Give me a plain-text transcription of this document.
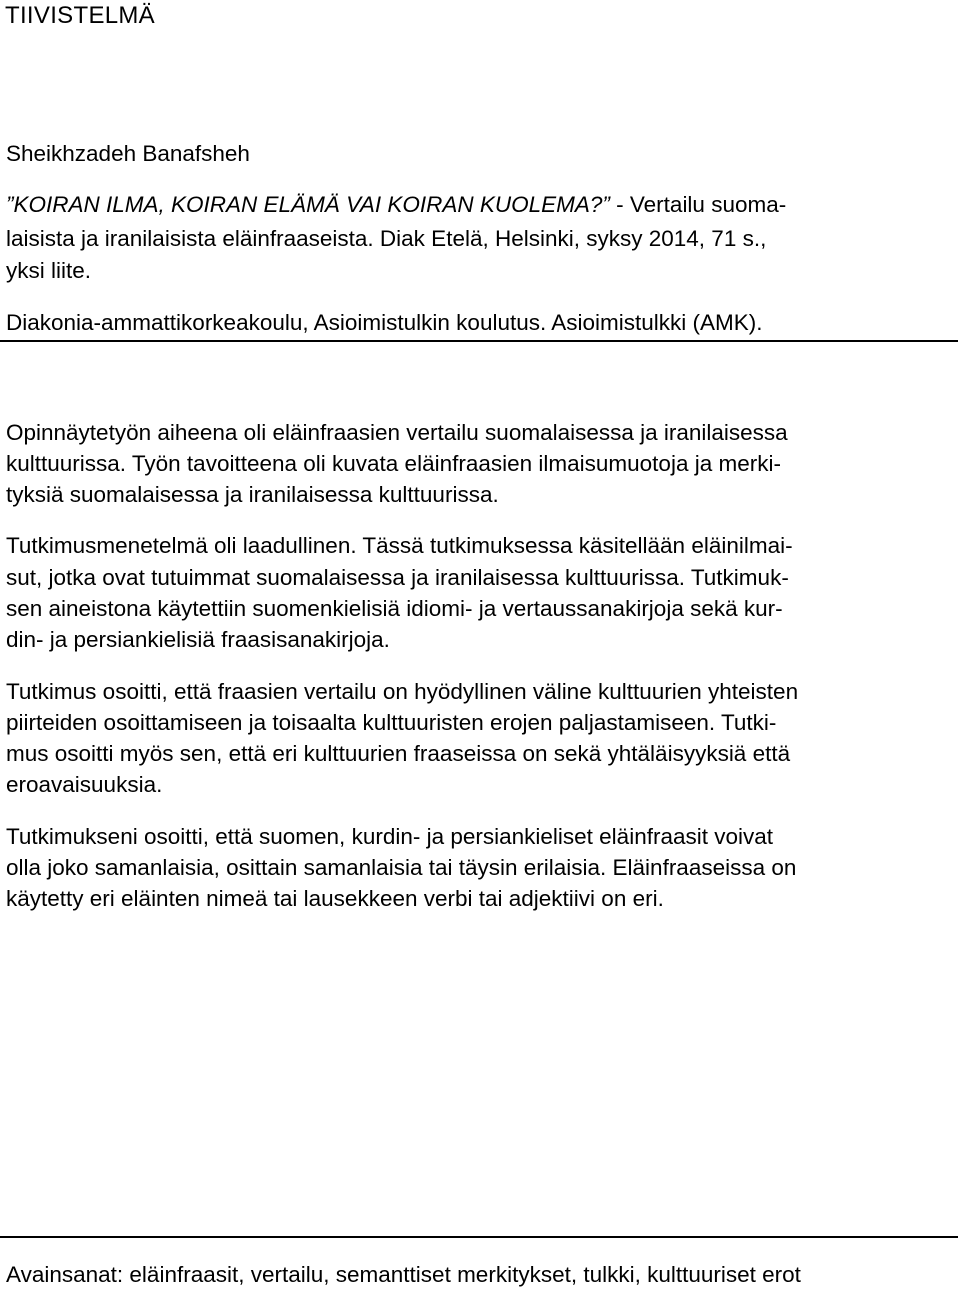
TIIVISTELMÄ
Sheikhzadeh Banafsheh
”KOIRAN ILMA, KOIRAN ELÄMÄ VAI KOIRAN KUOLEMA?” - Vertailu suoma-
laisista ja iranilaisista eläinfraaseista. Diak Etelä, Helsinki, syksy 2014, 71 s.,
yksi liite.
Diakonia-ammattikorkeakoulu, Asioimistulkin koulutus. Asioimistulkki (AMK).
Opinnäytetyön aiheena oli eläinfraasien vertailu suomalaisessa ja iranilaisessa
kulttuurissa. Työn tavoitteena oli kuvata eläinfraasien ilmaisumuotoja ja merki-
tyksiä suomalaisessa ja iranilaisessa kulttuurissa.
Tutkimusmenetelmä oli laadullinen. Tässä tutkimuksessa käsitellään eläinilmai-
sut, jotka ovat tutuimmat suomalaisessa ja iranilaisessa kulttuurissa. Tutkimuk-
sen aineistona käytettiin suomenkielisiä idiomi- ja vertaussanakirjoja sekä kur-
din- ja persiankielisiä fraasisanakirjoja.
Tutkimus osoitti, että fraasien vertailu on hyödyllinen väline kulttuurien yhteisten
piirteiden osoittamiseen ja toisaalta kulttuuristen erojen paljastamiseen. Tutki-
mus osoitti myös sen, että eri kulttuurien fraaseissa on sekä yhtäläisyyksiä että
eroavaisuuksia.
Tutkimukseni osoitti, että suomen, kurdin- ja persiankieliset eläinfraasit voivat
olla joko samanlaisia, osittain samanlaisia tai täysin erilaisia. Eläinfraaseissa on
käytetty eri eläinten nimeä tai lausekkeen verbi tai adjektiivi on eri.
Avainsanat: eläinfraasit, vertailu, semanttiset merkitykset, tulkki, kulttuuriset erot
